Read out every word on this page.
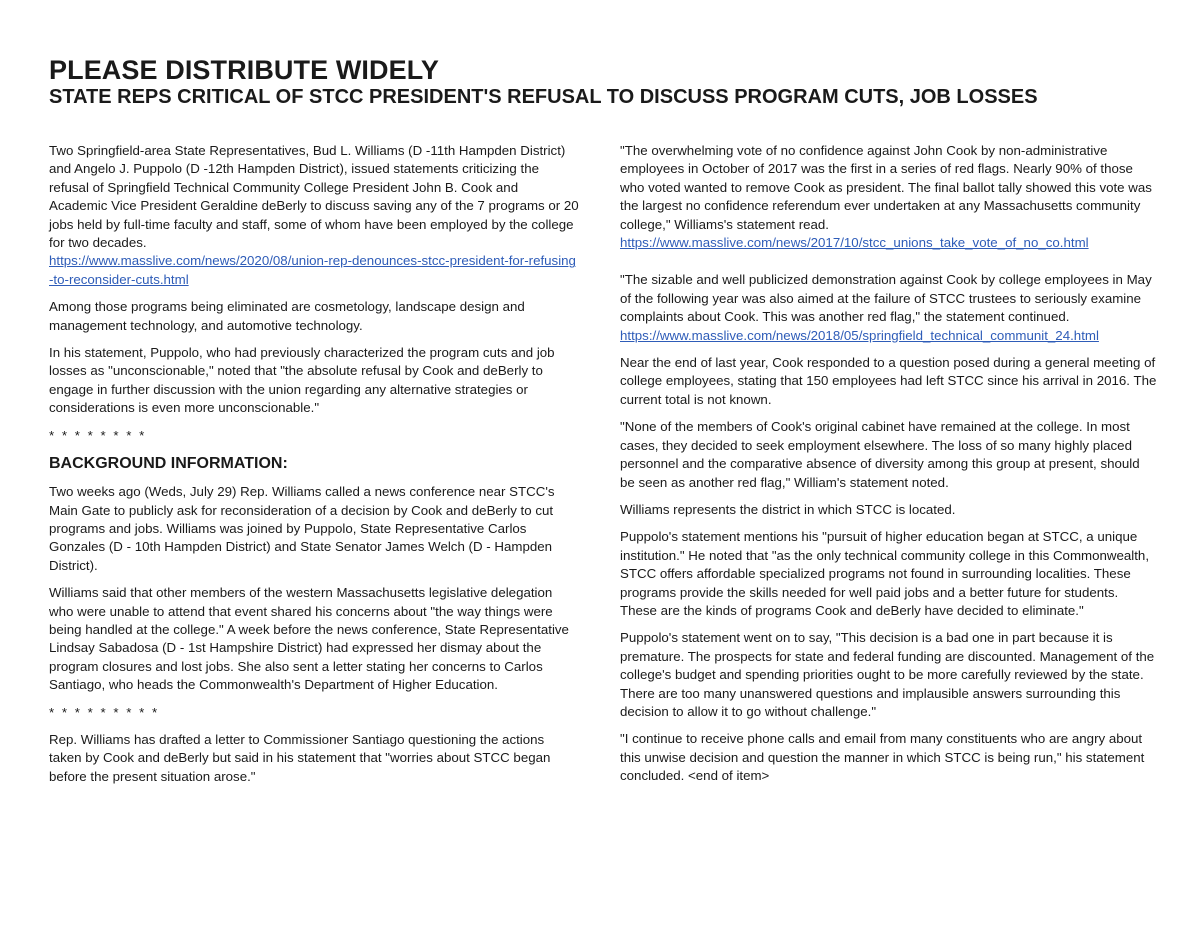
PLEASE DISTRIBUTE WIDELY
STATE REPS CRITICAL OF STCC PRESIDENT'S REFUSAL TO DISCUSS PROGRAM CUTS, JOB LOSSES

Two Springfield-area State Representatives, Bud L. Williams (D -11th Hampden District) and Angelo J. Puppolo (D -12th Hampden District), issued statements criticizing the refusal of Springfield Technical Community College President John B. Cook and Academic Vice President Geraldine deBerly to discuss saving any of the 7 programs or 20 jobs held by full-time faculty and staff, some of whom have been employed by the college for two decades.
https://www.masslive.com/news/2020/08/union-rep-denounces-stcc-president-for-refusing-to-reconsider-cuts.html

Among those programs being eliminated are cosmetology, landscape design and management technology, and automotive technology.

In his statement, Puppolo, who had previously characterized the program cuts and job losses as "unconscionable," noted that "the absolute refusal by Cook and deBerly to engage in further discussion with the union regarding any alternative strategies or considerations is even more unconscionable."

* * * * * * * *

BACKGROUND INFORMATION:

Two weeks ago (Weds, July 29) Rep. Williams called a news conference near STCC's Main Gate to publicly ask for reconsideration of a decision by Cook and deBerly to cut programs and jobs. Williams was joined by Puppolo, State Representative Carlos Gonzales (D - 10th Hampden District) and State Senator James Welch (D - Hampden District).

Williams said that other members of the western Massachusetts legislative delegation who were unable to attend that event shared his concerns about "the way things were being handled at the college." A week before the news conference, State Representative Lindsay Sabadosa (D - 1st Hampshire District) had expressed her dismay about the program closures and lost jobs. She also sent a letter stating her concerns to Carlos Santiago, who heads the Commonwealth's Department of Higher Education.

* * * * * * * * *

Rep. Williams has drafted a letter to Commissioner Santiago questioning the actions taken by Cook and deBerly but said in his statement that "worries about STCC began before the present situation arose."

"The overwhelming vote of no confidence against John Cook by non-administrative employees in October of 2017 was the first in a series of red flags. Nearly 90% of those who voted wanted to remove Cook as president. The final ballot tally showed this vote was the largest no confidence referendum ever undertaken at any Massachusetts community college," Williams's statement read.
https://www.masslive.com/news/2017/10/stcc_unions_take_vote_of_no_co.html

"The sizable and well publicized demonstration against Cook by college employees in May of the following year was also aimed at the failure of STCC trustees to seriously examine complaints about Cook. This was another red flag," the statement continued.
https://www.masslive.com/news/2018/05/springfield_technical_communit_24.html

Near the end of last year, Cook responded to a question posed during a general meeting of college employees, stating that 150 employees had left STCC since his arrival in 2016. The current total is not known.

"None of the members of Cook's original cabinet have remained at the college. In most cases, they decided to seek employment elsewhere. The loss of so many highly placed personnel and the comparative absence of diversity among this group at present, should be seen as another red flag," William's statement noted.

Williams represents the district in which STCC is located.

Puppolo's statement mentions his "pursuit of higher education began at STCC, a unique institution." He noted that "as the only technical community college in this Commonwealth, STCC offers affordable specialized programs not found in surrounding localities. These programs provide the skills needed for well paid jobs and a better future for students. These are the kinds of programs Cook and deBerly have decided to eliminate."

Puppolo's statement went on to say, "This decision is a bad one in part because it is premature. The prospects for state and federal funding are discounted. Management of the college's budget and spending priorities ought to be more carefully reviewed by the state. There are too many unanswered questions and implausible answers surrounding this decision to allow it to go without challenge."

"I continue to receive phone calls and email from many constituents who are angry about this unwise decision and question the manner in which STCC is being run," his statement concluded. <end of item>
